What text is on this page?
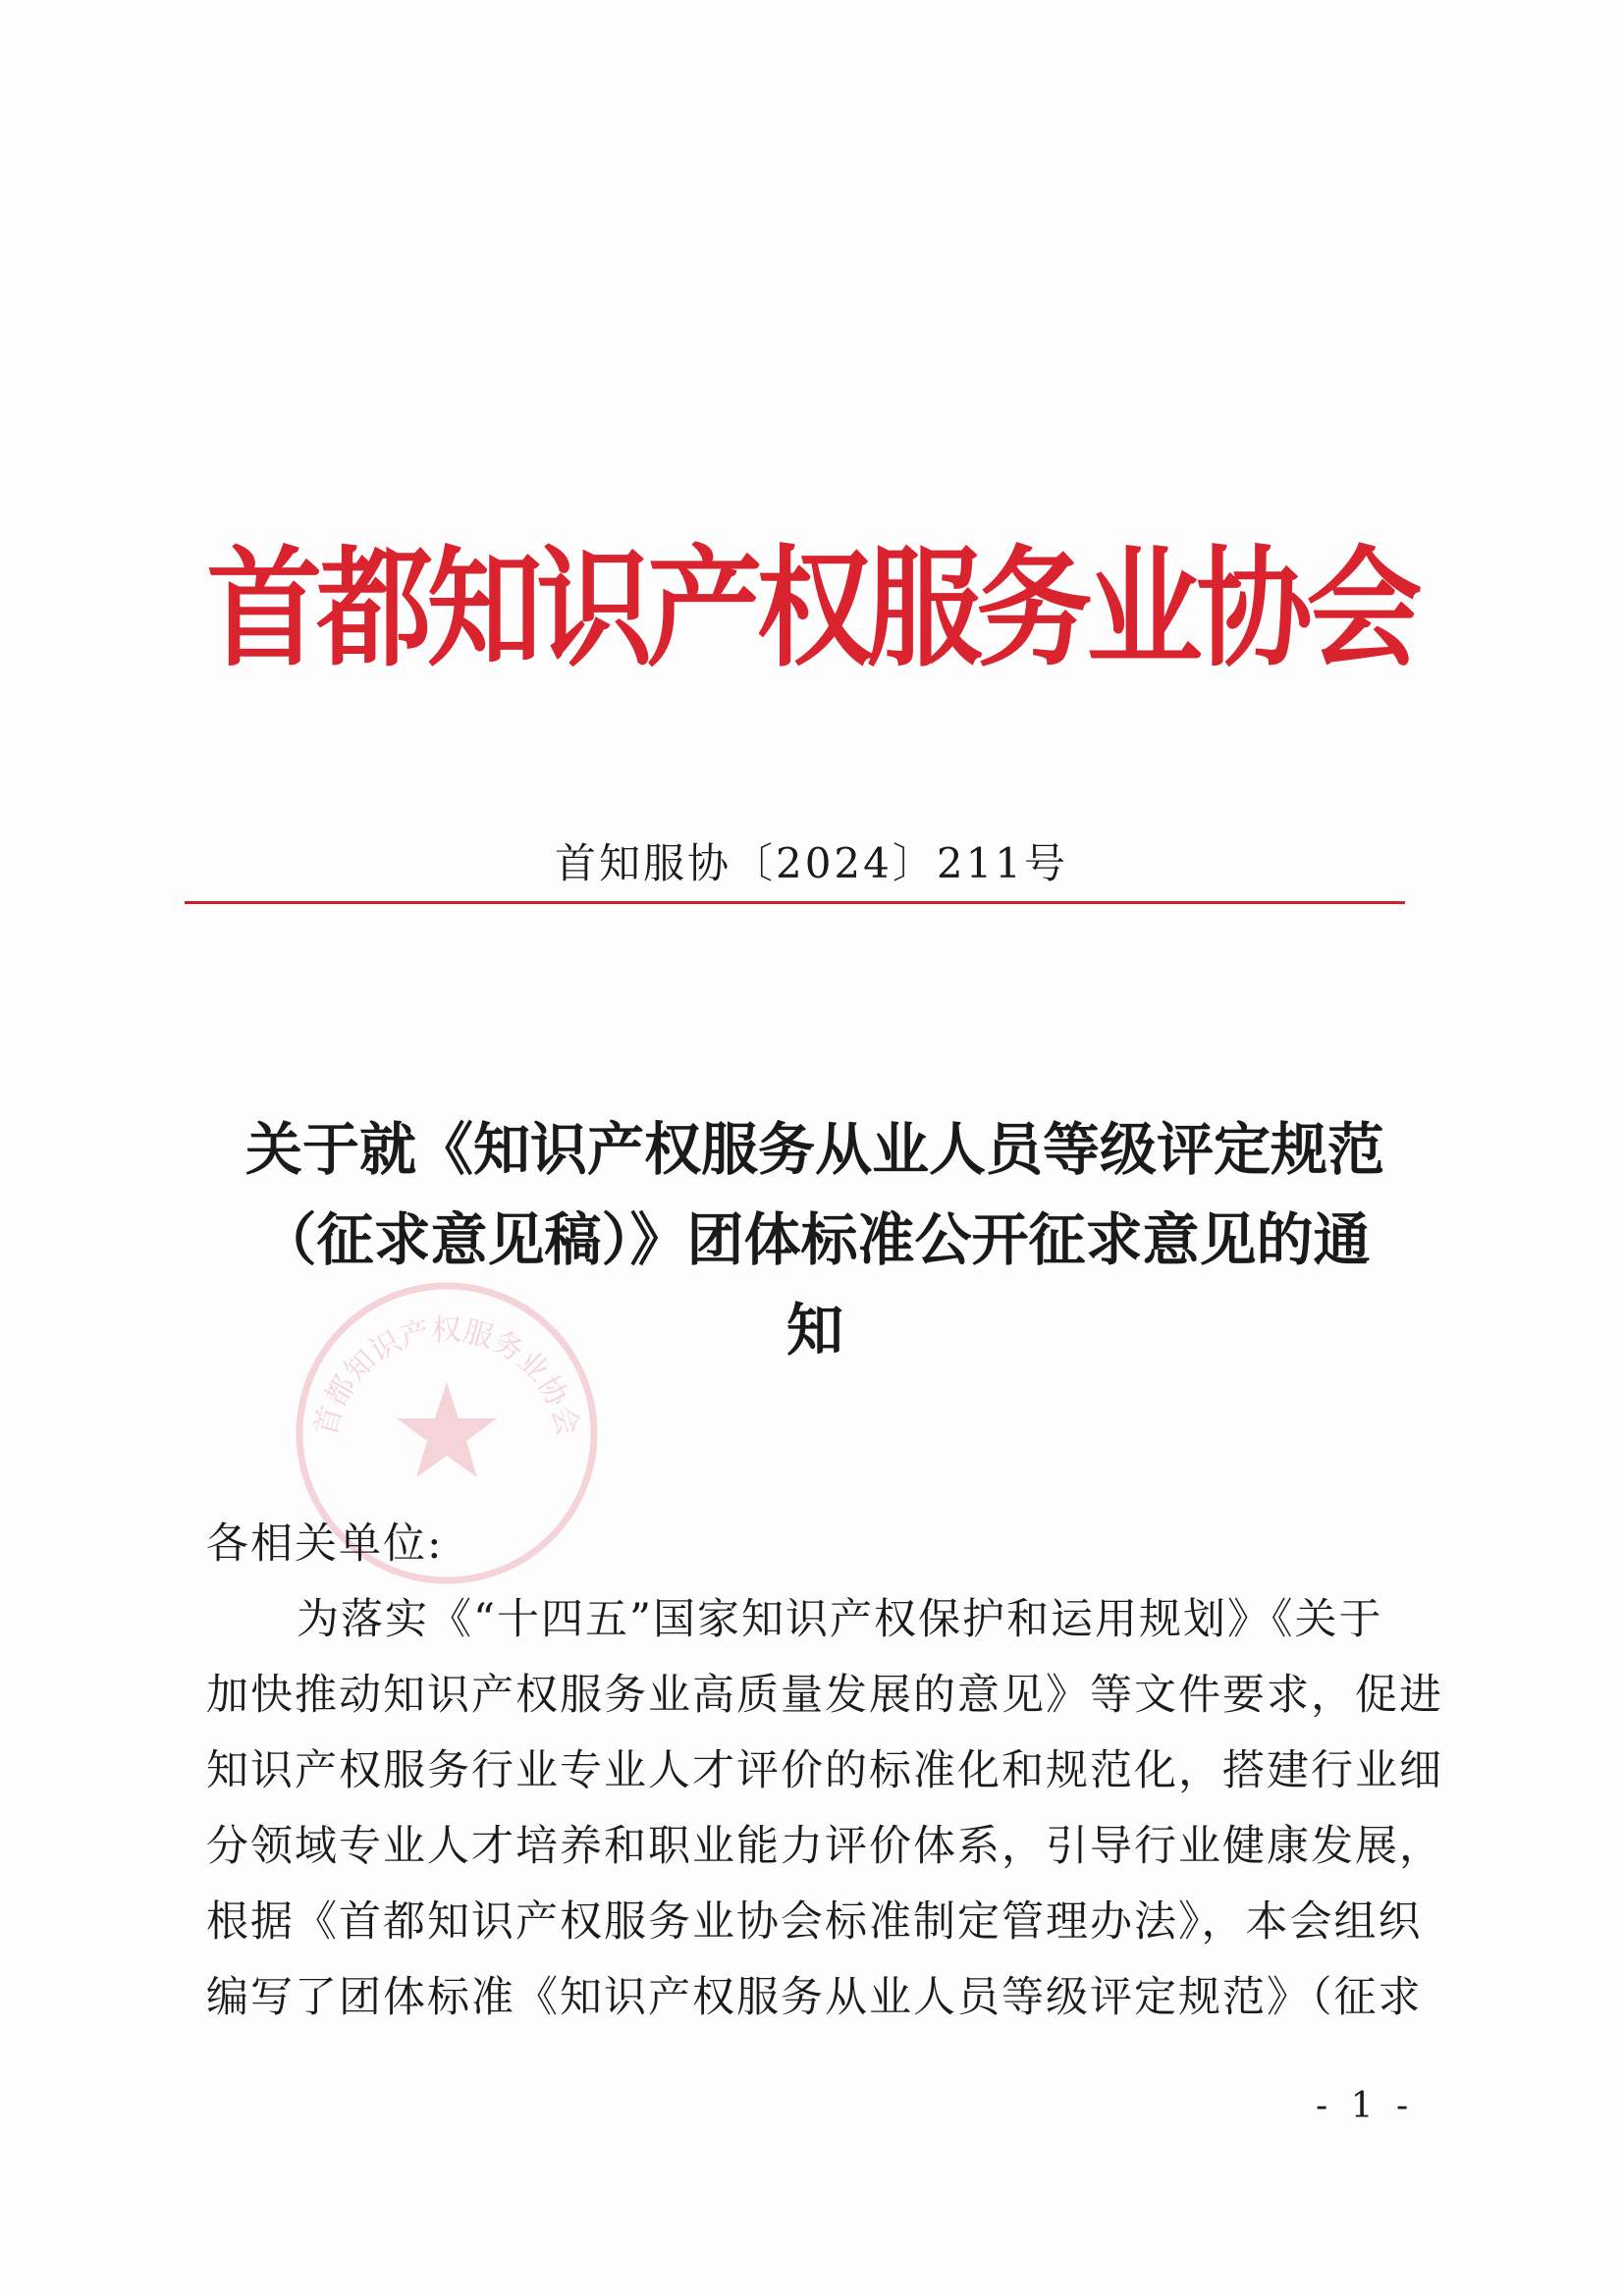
首都知识产权服务业协会
首知服协〔2024〕211号
首都知识产权服务业协会
关于就《知识产权服务从业人员等级评定规范
（征求意见稿）》团体标准公开征求意见的通
知
各相关单位:
为落实《“十四五”国家知识产权保护和运用规划》《关于
加快推动知识产权服务业高质量发展的意见》等文件要求，促进
知识产权服务行业专业人才评价的标准化和规范化，搭建行业细
分领域专业人才培养和职业能力评价体系，引导行业健康发展，
根据《首都知识产权服务业协会标准制定管理办法》，本会组织
编写了团体标准《知识产权服务从业人员等级评定规范》（征求
- 1 -
